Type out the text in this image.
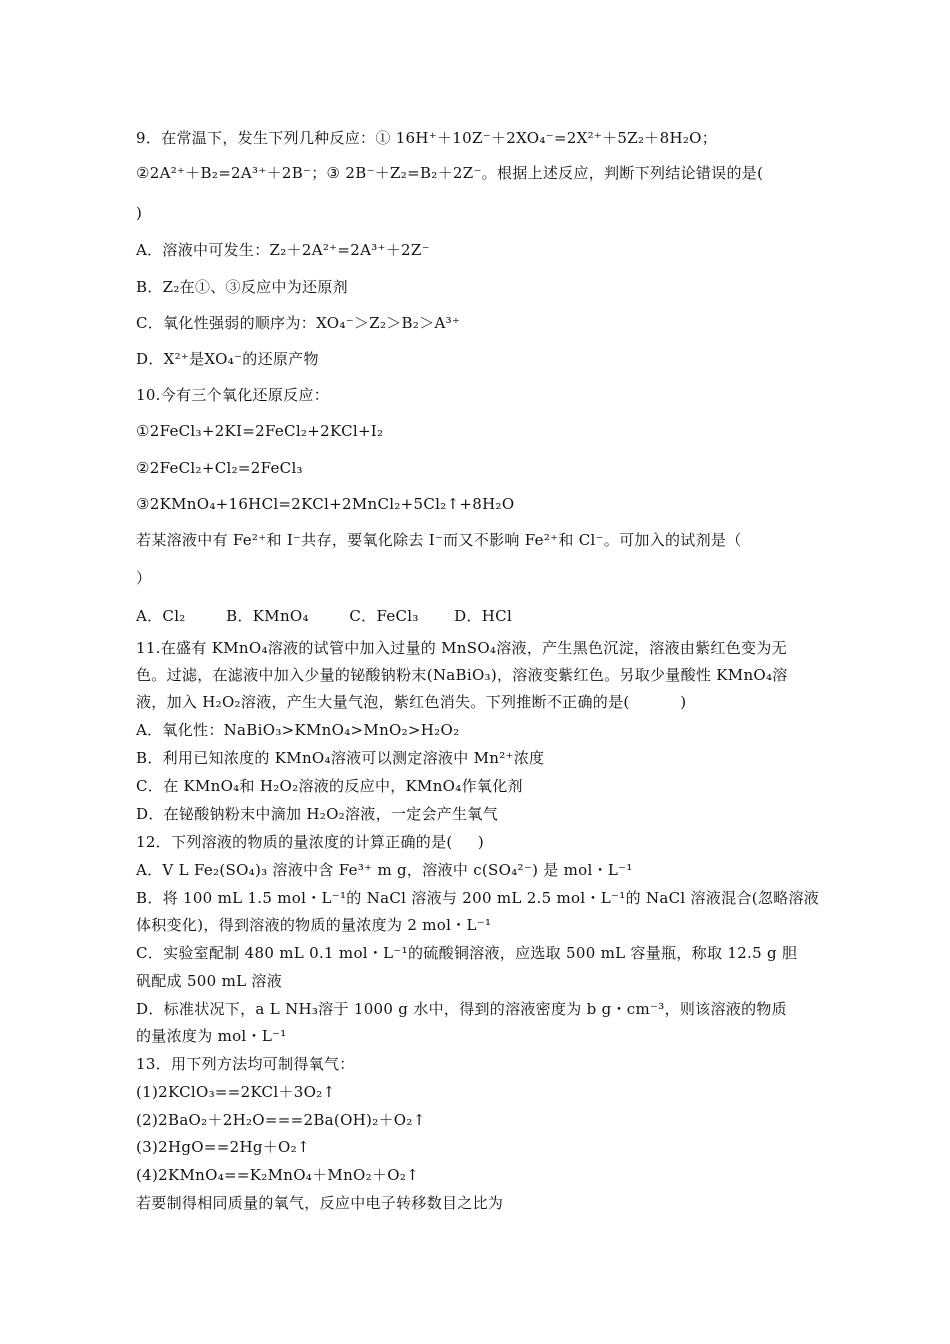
9．在常温下，发生下列几种反应：① 16H⁺＋10Z⁻＋2XO₄⁻=2X²⁺＋5Z₂＋8H₂O；
②2A²⁺＋B₂=2A³⁺＋2B⁻；③ 2B⁻＋Z₂=B₂＋2Z⁻。根据上述反应，判断下列结论错误的是(
)
A．溶液中可发生：Z₂＋2A²⁺=2A³⁺＋2Z⁻
B．Z₂在①、③反应中为还原剂
C．氧化性强弱的顺序为：XO₄⁻＞Z₂＞B₂＞A³⁺
D．X²⁺是XO₄⁻的还原产物
10.今有三个氧化还原反应：
①2FeCl₃+2KI=2FeCl₂+2KCl+I₂
②2FeCl₂+Cl₂=2FeCl₃
③2KMnO₄+16HCl=2KCl+2MnCl₂+5Cl₂↑+8H₂O
若某溶液中有 Fe²⁺和 I⁻共存，要氧化除去 I⁻而又不影响 Fe²⁺和 Cl⁻。可加入的试剂是（
）
A．Cl₂        B．KMnO₄        C．FeCl₃       D．HCl
11.在盛有 KMnO₄溶液的试管中加入过量的 MnSO₄溶液，产生黑色沉淀，溶液由紫红色变为无
色。过滤，在滤液中加入少量的铋酸钠粉末(NaBiO₃)，溶液变紫红色。另取少量酸性 KMnO₄溶
液，加入 H₂O₂溶液，产生大量气泡，紫红色消失。下列推断不正确的是(          )
A．氧化性：NaBiO₃>KMnO₄>MnO₂>H₂O₂
B．利用已知浓度的 KMnO₄溶液可以测定溶液中 Mn²⁺浓度
C．在 KMnO₄和 H₂O₂溶液的反应中，KMnO₄作氧化剂
D．在铋酸钠粉末中滴加 H₂O₂溶液，一定会产生氧气
12．下列溶液的物质的量浓度的计算正确的是(     )
A．V L Fe₂(SO₄)₃ 溶液中含 Fe³⁺ m g，溶液中 c(SO₄²⁻) 是 mol・L⁻¹
B．将 100 mL 1.5 mol・L⁻¹的 NaCl 溶液与 200 mL 2.5 mol・L⁻¹的 NaCl 溶液混合(忽略溶液
体积变化)，得到溶液的物质的量浓度为 2 mol・L⁻¹
C．实验室配制 480 mL 0.1 mol・L⁻¹的硫酸铜溶液，应选取 500 mL 容量瓶，称取 12.5 g 胆
矾配成 500 mL 溶液
D．标准状况下，a L NH₃溶于 1000 g 水中，得到的溶液密度为 b g・cm⁻³，则该溶液的物质
的量浓度为 mol・L⁻¹
13．用下列方法均可制得氧气：
(1)2KClO₃==2KCl＋3O₂↑
(2)2BaO₂＋2H₂O===2Ba(OH)₂＋O₂↑
(3)2HgO==2Hg＋O₂↑
(4)2KMnO₄==K₂MnO₄＋MnO₂＋O₂↑
若要制得相同质量的氧气，反应中电子转移数目之比为
